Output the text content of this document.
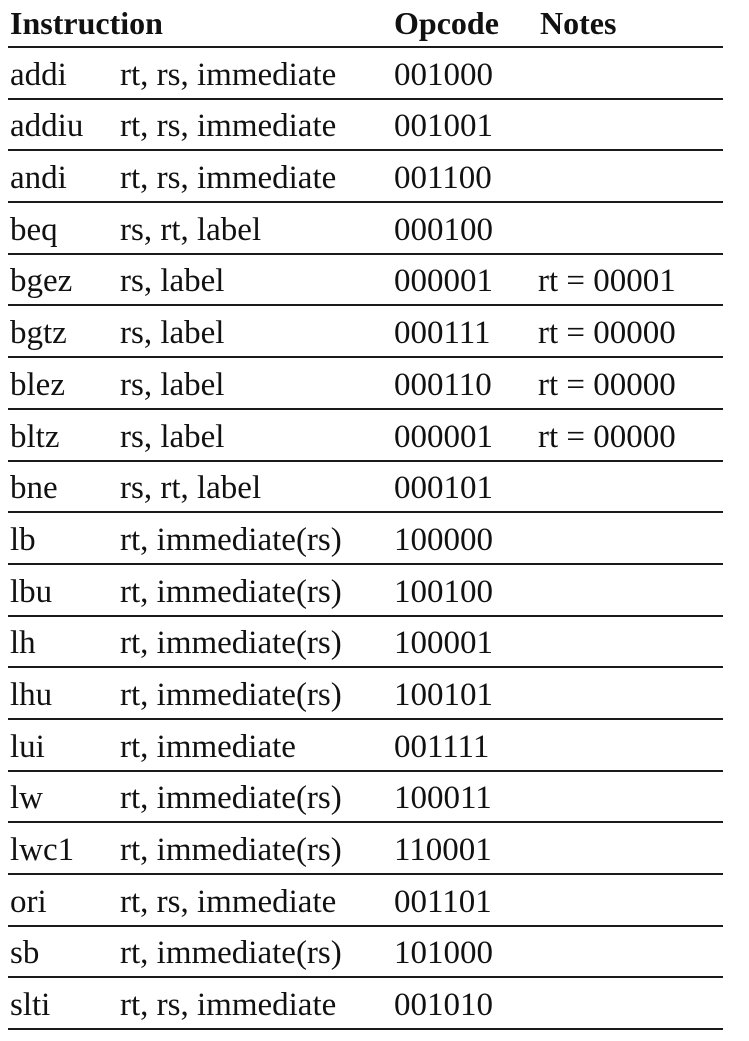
Instruction	Opcode Notes
addi rt, rs, immediate 001000
addiu rt, rs, immediate 001001
andi rt, rs, immediate 001100
beq rs, rt, label	000100
bgez rs, label	000001 rt = 00001
bgtz rs, label	000111 rt = 00000
blez rs, label	000110 rt = 00000
bltz rs, label	000001 rt = 00000
bne rs, rt, label	000101
lb	rt, immediate(rs) 100000
lbu rt, immediate(rs) 100100
lh	rt, immediate(rs) 100001
lhu rt, immediate(rs) 100101
lui rt, immediate	001111
lw rt, immediate(rs) 100011
lwc1 rt, immediate(rs) 110001
ori rt, rs, immediate 001101
sb rt, immediate(rs) 101000
slti rt, rs, immediate 001010
